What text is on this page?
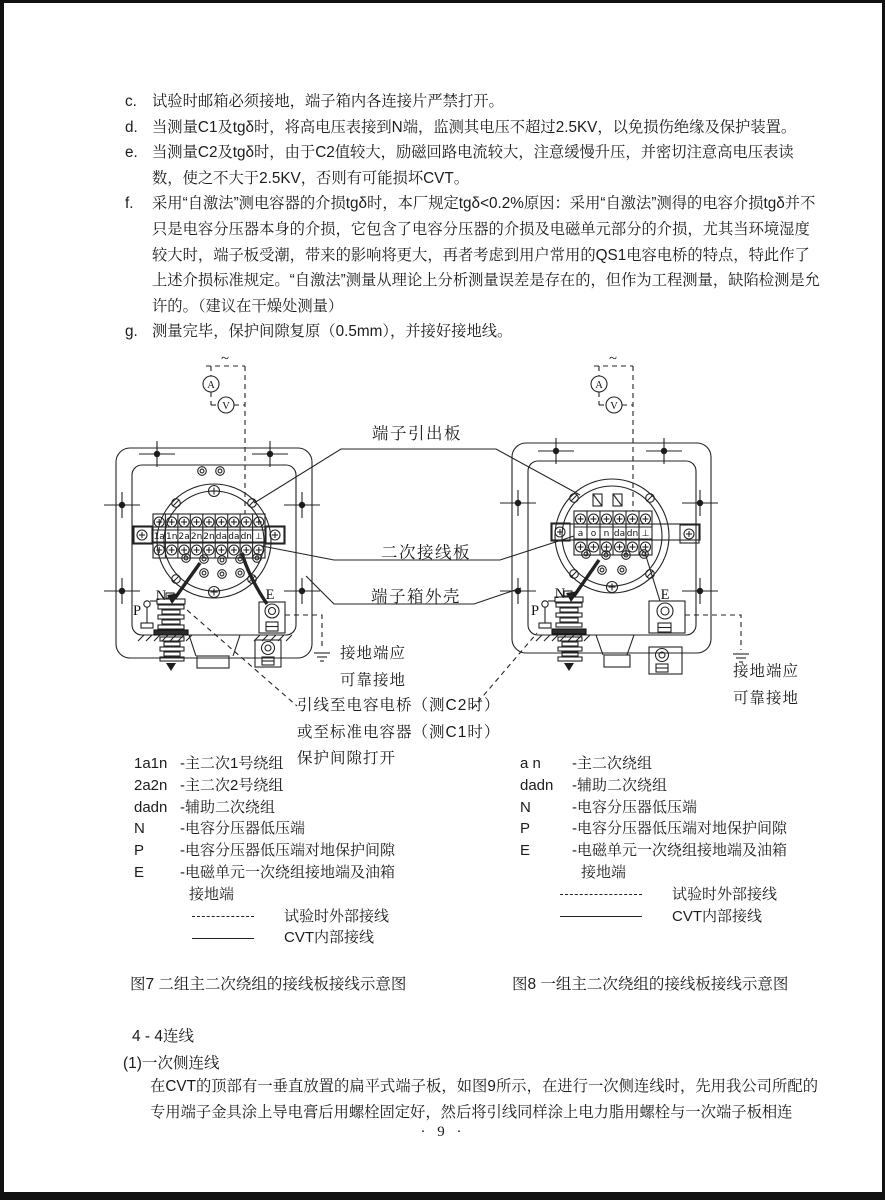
c. 试验时邮箱必须接地，端子箱内各连接片严禁打开。
d. 当测量C1及tgδ时，将高电压表接到N端，监测其电压不超过2.5KV，以免损伤绝缘及保护装置。
e. 当测量C2及tgδ时，由于C2值较大，励磁回路电流较大，注意缓慢升压，并密切注意高电压表读数，使之不大于2.5KV，否则有可能损坏CVT。
f.	采用“自激法”测电容器的介损tgδ时，本厂规定tgδ<0.2%原因：采用“自激法”测得的电容介损tgδ并不只是电容分压器本身的介损，它包含了电容分压器的介损及电磁单元部分的介损，尤其当环境湿度较大时，端子板受潮，带来的影响将更大，再者考虑到用户常用的QS1电容电桥的特点，特此作了上述介损标准规定。“自激法”测量从理论上分析测量误差是存在的，但作为工程测量，缺陷检测是允许的。（建议在干燥处测量）
g. 测量完毕，保护间隙复原（0.5mm），并接好接地线。
~
A
V
1a 1n 2a 2n 2n da da dn ⊥
N
P
E
~
A
V
a o n da dn ⊥
N
P
E
端子引出板
二次接线板
端子箱外壳
接地端应
可靠接地	接地端应
可靠接地
引线至电容电桥（测C2时）
或至标准电容器（测C1时）
保护间隙打开
1a1n -主二次1号绕组
2a2n -主二次2号绕组
dadn -辅助二次绕组
N	-电容分压器低压端
P	-电容分压器低压端对地保护间隙
E	-电磁单元一次绕组接地端及油箱
接地端
试验时外部接线
CVT内部接线
a n	-主二次绕组
dadn	-辅助二次绕组
N	-电容分压器低压端
P	-电容分压器低压端对地保护间隙
E	-电磁单元一次绕组接地端及油箱
接地端
试验时外部接线
CVT内部接线
图7 二组主二次绕组的接线板接线示意图	图8 一组主二次绕组的接线板接线示意图
4 - 4连线
(1)一次侧连线
在CVT的顶部有一垂直放置的扁平式端子板，如图9所示，在进行一次侧连线时，先用我公司所配的专用端子金具涂上导电膏后用螺栓固定好，然后将引线同样涂上电力脂用螺栓与一次端子板相连
· 9 ·
